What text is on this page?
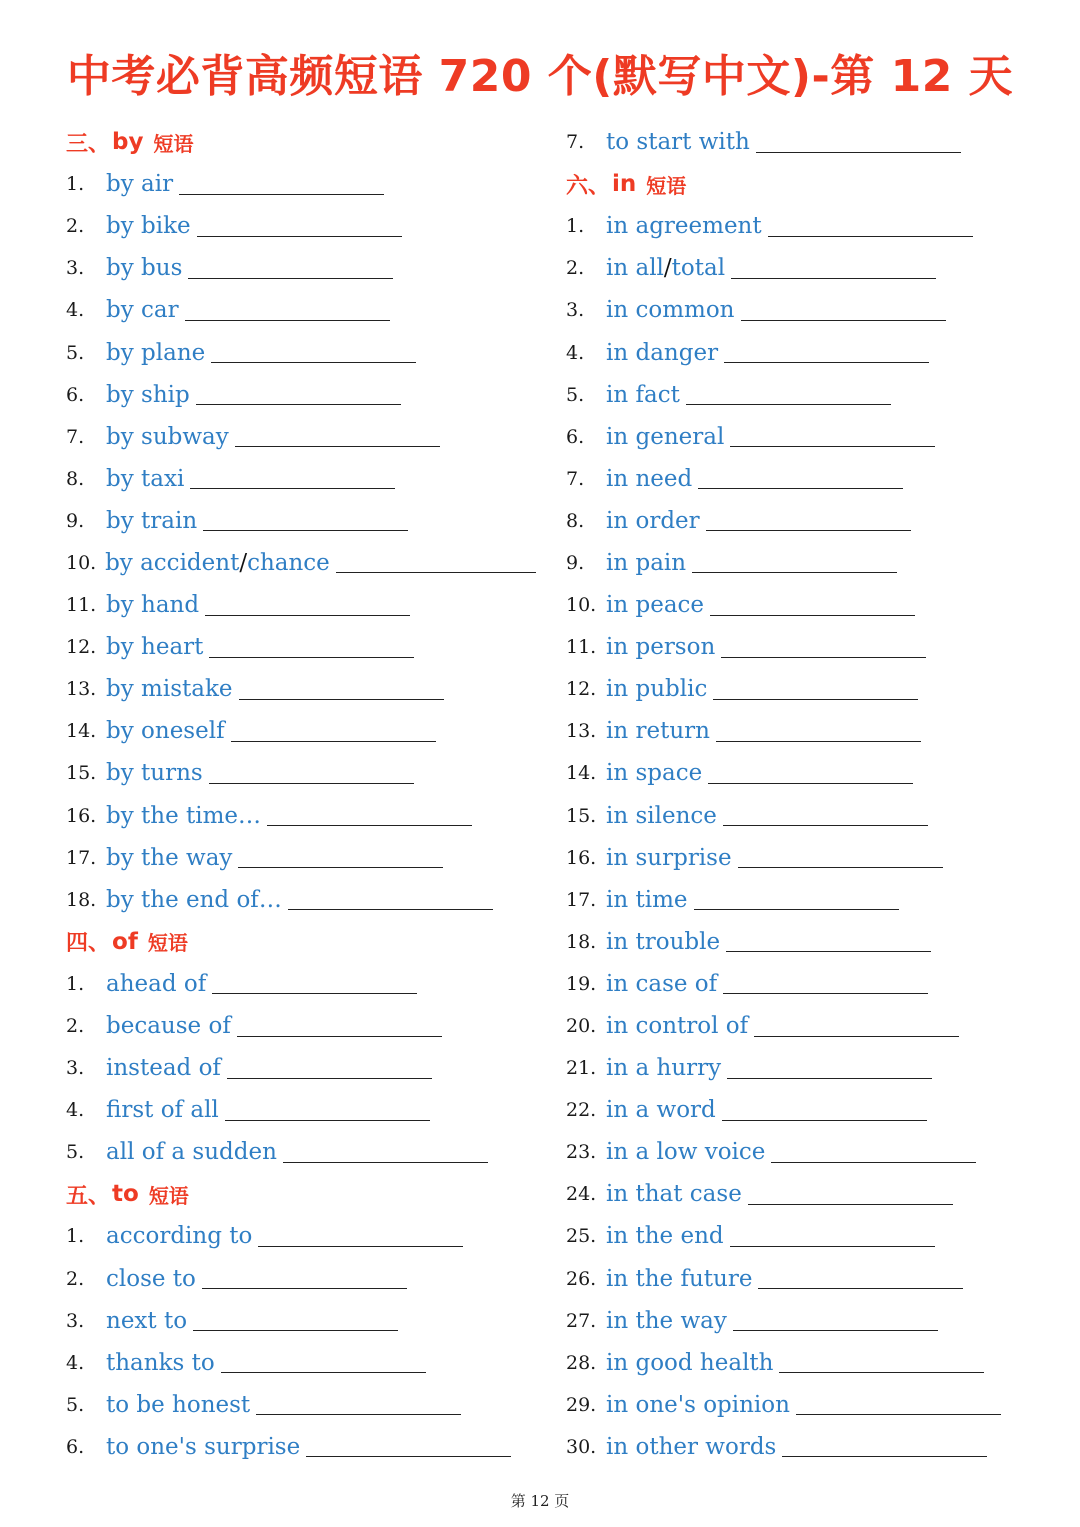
中考必背高频短语 720 个(默写中文)-第 12 天
三、 by 短语
1. by air
2. by bike
3. by bus
4. by car
5. by plane
6. by ship
7. by subway
8. by taxi
9. by train
10. by accident/chance
11. by hand
12. by heart
13. by mistake
14. by oneself
15. by turns
16. by the time…
17. by the way
18. by the end of…
四、 of 短语
1. ahead of
2. because of
3. instead of
4. first of all
5. all of a sudden
五、 to 短语
1. according to
2. close to
3. next to
4. thanks to
5. to be honest
6. to one's surprise
7. to start with
六、 in 短语
1. in agreement
2. in all/total
3. in common
4. in danger
5. in fact
6. in general
7. in need
8. in order
9. in pain
10. in peace
11. in person
12. in public
13. in return
14. in space
15. in silence
16. in surprise
17. in time
18. in trouble
19. in case of
20. in control of
21. in a hurry
22. in a word
23. in a low voice
24. in that case
25. in the end
26. in the future
27. in the way
28. in good health
29. in one's opinion
30. in other words
第 12 页
